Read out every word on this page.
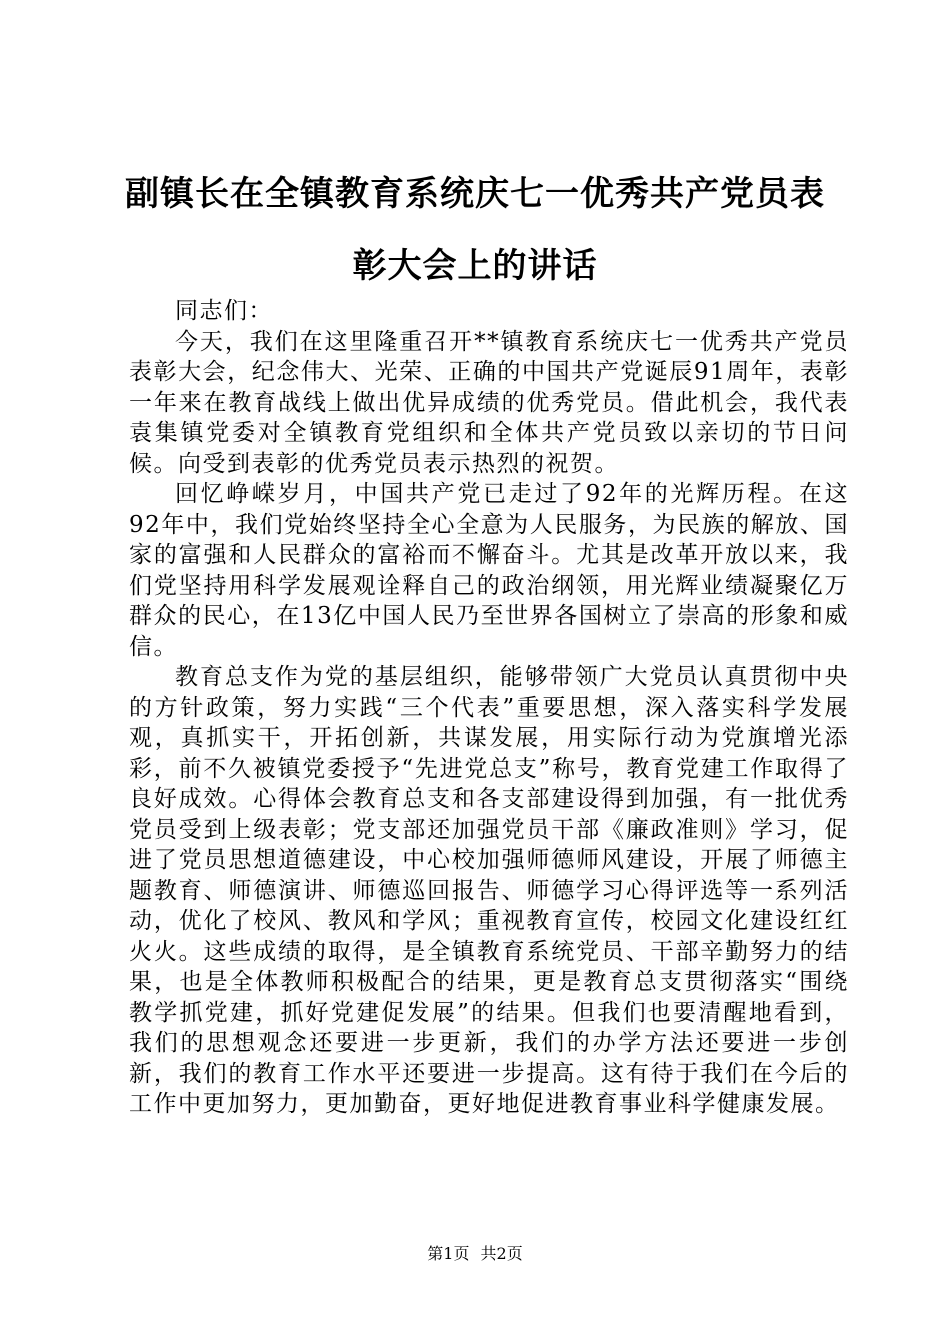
副镇长在全镇教育系统庆七一优秀共产党员表彰大会上的讲话

同志们：

今天，我们在这里隆重召开**镇教育系统庆七一优秀共产党员表彰大会，纪念伟大、光荣、正确的中国共产党诞辰91周年，表彰一年来在教育战线上做出优异成绩的优秀党员。借此机会，我代表袁集镇党委对全镇教育党组织和全体共产党员致以亲切的节日问候。向受到表彰的优秀党员表示热烈的祝贺。

回忆峥嵘岁月，中国共产党已走过了92年的光辉历程。在这92年中，我们党始终坚持全心全意为人民服务，为民族的解放、国家的富强和人民群众的富裕而不懈奋斗。尤其是改革开放以来，我们党坚持用科学发展观诠释自己的政治纲领，用光辉业绩凝聚亿万群众的民心，在13亿中国人民乃至世界各国树立了崇高的形象和威信。

教育总支作为党的基层组织，能够带领广大党员认真贯彻中央的方针政策，努力实践“三个代表”重要思想，深入落实科学发展观，真抓实干，开拓创新，共谋发展，用实际行动为党旗增光添彩，前不久被镇党委授予“先进党总支”称号，教育党建工作取得了良好成效。心得体会教育总支和各支部建设得到加强，有一批优秀党员受到上级表彰；党支部还加强党员干部《廉政准则》学习，促进了党员思想道德建设，中心校加强师德师风建设，开展了师德主题教育、师德演讲、师德巡回报告、师德学习心得评选等一系列活动，优化了校风、教风和学风；重视教育宣传，校园文化建设红红火火。这些成绩的取得，是全镇教育系统党员、干部辛勤努力的结果，也是全体教师积极配合的结果，更是教育总支贯彻落实“围绕教学抓党建，抓好党建促发展”的结果。但我们也要清醒地看到，我们的思想观念还要进一步更新，我们的办学方法还要进一步创新，我们的教育工作水平还要进一步提高。这有待于我们在今后的工作中更加努力，更加勤奋，更好地促进教育事业科学健康发展。

第1页 共2页
